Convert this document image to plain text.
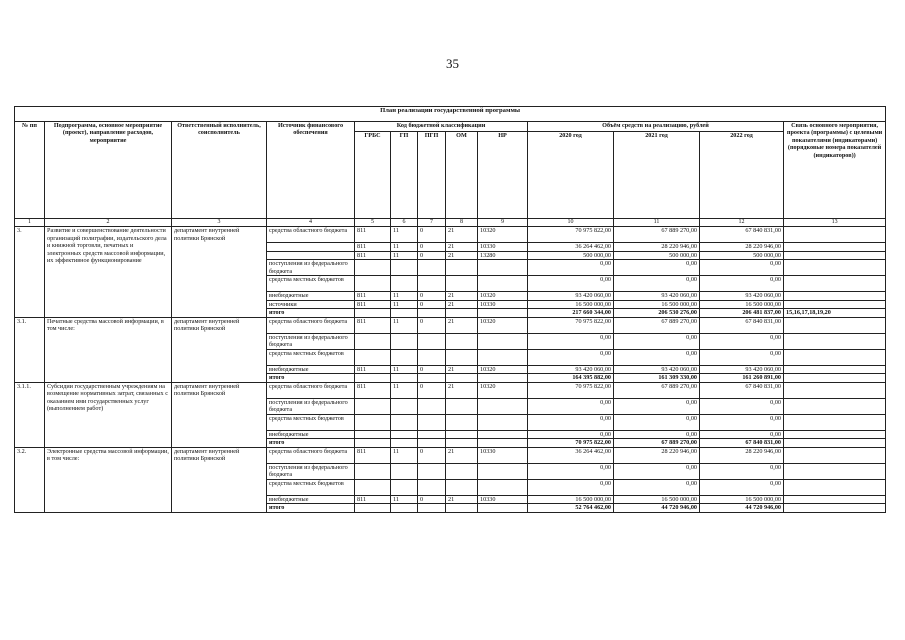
35
План реализации государственной программы												
№ пп	Подпрограмма, основное мероприятие (проект), направление расходов, мероприятие	Ответственный исполнитель, соисполнитель	Источник финансового обеспечения	Код бюджетной классификации					Объём средств на реализацию, рублей			Связь основного мероприятия, проекта (программы) с целевыми показателями (индикаторами) (порядковые номера показателей (индикаторов))
				ГРБС	ГП	ПГП	ОМ	НР	2020 год	2021 год	2022 год	
1	2	3	4	5	6	7	8	9	10	11	12	13
3.	Развитие и совершенствование деятельности организаций полиграфии, издательского дела и книжной торговли, печатных и электронных средств массовой информации, их эффективное функционирование	департамент внутренней политики Брянской	средства областного бюджета	811	11	0	21	10320	70 975 822,00	67 889 270,00	67 840 831,00	
				811	11	0	21	10330	36 264 462,00	28 220 946,00	28 220 946,00	
				811	11	0	21	13280	500 000,00	500 000,00	500 000,00	
			поступления из федерального бюджета						0,00	0,00	0,00	
			средства местных бюджетов						0,00	0,00	0,00	
			внебюджетные	811	11	0	21	10320	93 420 060,00	93 420 060,00	93 420 060,00	
			источники	811	11	0	21	10330	16 500 000,00	16 500 000,00	16 500 000,00	
			итого						217 660 344,00	206 530 276,00	206 481 837,00	15,16,17,18,19,20
3.1.	Печатные средства массовой информации, в том числе:	департамент внутренней политики Брянской	средства областного бюджета	811	11	0	21	10320	70 975 822,00	67 889 270,00	67 840 831,00	
			поступления из федерального бюджета						0,00	0,00	0,00	
			средства местных бюджетов						0,00	0,00	0,00	
			внебюджетные	811	11	0	21	10320	93 420 060,00	93 420 060,00	93 420 060,00	
			итого						164 395 882,00	161 309 330,00	161 260 891,00	
3.1.1.	Субсидии государственным учреждениям на возмещение нормативных затрат, связанных с оказанием ими государственных услуг (выполнением работ)	департамент внутренней политики Брянской	средства областного бюджета	811	11	0	21	10320	70 975 822,00	67 889 270,00	67 840 831,00	
			поступления из федерального бюджета						0,00	0,00	0,00	
			средства местных бюджетов						0,00	0,00	0,00	
			внебюджетные						0,00	0,00	0,00	
			итого						70 975 822,00	67 889 270,00	67 840 831,00	
3.2.	Электронные средства массовой информации, в том числе:	департамент внутренней политики Брянской	средства областного бюджета	811	11	0	21	10330	36 264 462,00	28 220 946,00	28 220 946,00	
			поступления из федерального бюджета						0,00	0,00	0,00	
			средства местных бюджетов						0,00	0,00	0,00	
			внебюджетные	811	11	0	21	10330	16 500 000,00	16 500 000,00	16 500 000,00	
			итого						52 764 462,00	44 720 946,00	44 720 946,00	
